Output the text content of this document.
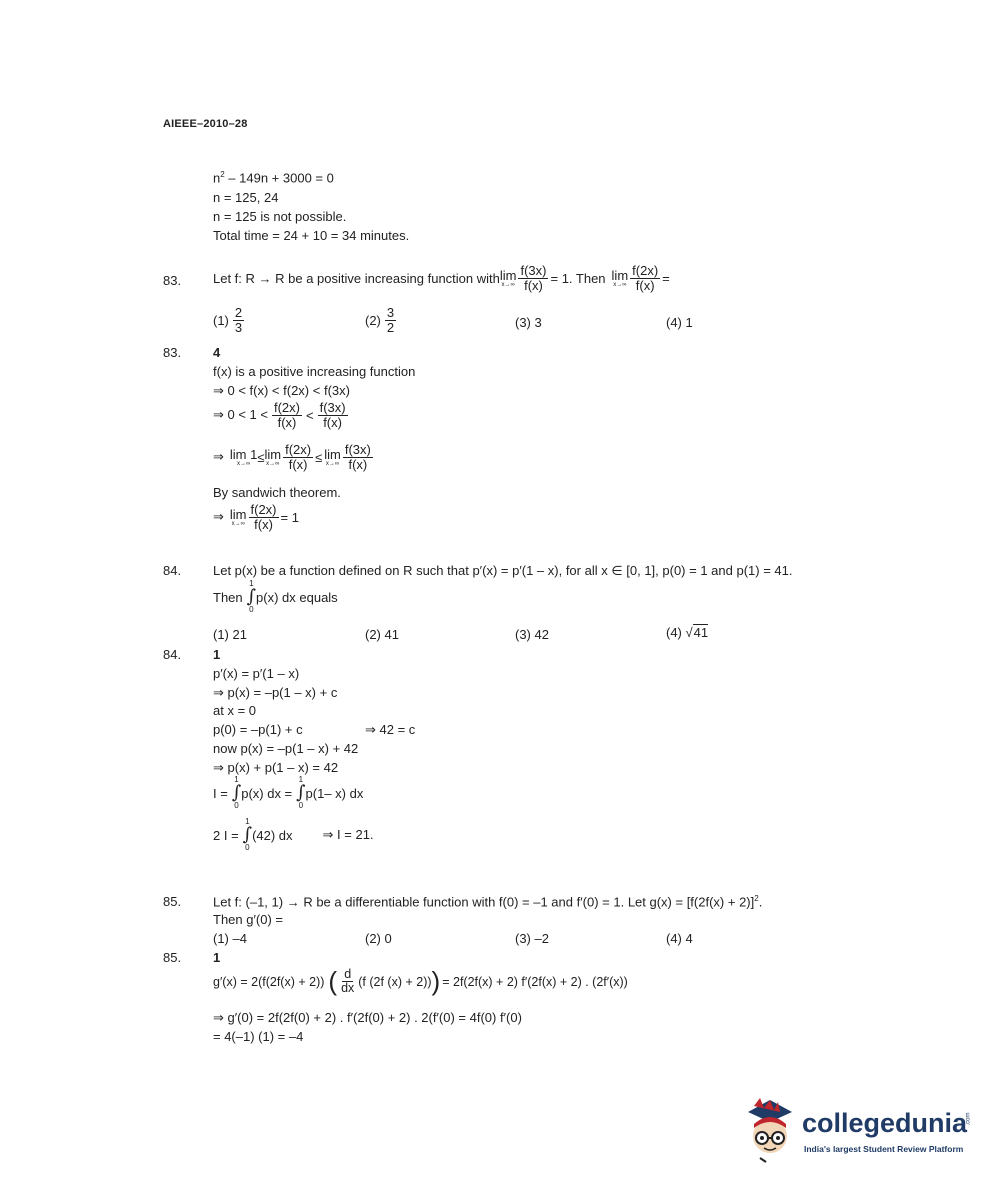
AIEEE–2010–28
$n^2 - 149n + 3000 = 0$
n = 125, 24
n = 125 is not possible.
Total time = 24 + 10 = 34 minutes.
83. Let f: R → R be a positive increasing function with lim
$x\to\infty \frac{f(3x)}{f(x)} = 1$. Then lim
$x\to\infty \frac{f(2x)}{f(x)}$ =
$(1) \frac{2}{3}$	$(2) \frac{3}{2}$	(3) 3	(4) 1
83. 4
f(x) is a positive increasing function
⇒ 0 < f(x) < f(2x) < f(3x)
⇒ $0 < 1 < \frac{f(2x)}{f(x)} < \frac{f(3x)}{f(x)}$
⇒ lim 1
x→∞ ≤ lim
$x\to\infty \frac{f(2x)}{f(x)} \le \lim$
$x\to\infty \frac{f(3x)}{f(x)}$
By sandwich theorem.
⇒ lim
$x\to\infty \frac{f(2x)}{f(x)} = 1$
84. Let p(x) be a function defined on R such that p′(x) = p′(1 – x), for all x ∈ [0, 1], p(0) = 1 and p(1) = 41.
Then
1
∫
0
p(x) dx equals
(1) 21	(2) 41	(3) 42	(4) √41
84. 1
p′(x) = p′(1 – x)
⇒ p(x) = –p(1 – x) + c
at x = 0
p(0) = –p(1) + c	⇒ 42 = c
now p(x) = –p(1 – x) + 42
⇒ p(x) + p(1 – x) = 42
I =
1
∫
0
p(x) dx =
1
∫
0
p(1– x) dx
2 I =
1
∫
0
(42) dx ⇒ I = 21.
85. Let f: (–1, 1) → R be a differentiable function with f(0) = –1 and f′(0) = 1. Let $g(x) = [f(2f(x) + 2)]^2$.
Then g′(0) =
(1) –4	(2) 0	(3) –2	(4) 4
85. 1
g′(x) = 2(f(2f(x) + 2)) ( $\frac{d}{dx} (f$ (2f (x) + 2)) ) = 2f(2f(x) + 2) f′(2f(x) + 2) . (2f′(x))
⇒ g′(0) = 2f(2f(0) + 2) . f′(2f(0) + 2) . 2(f′(0) = 4f(0) f′(0)
= 4(–1) (1) = –4
collegedunia
.com
India's largest Student Review Platform
